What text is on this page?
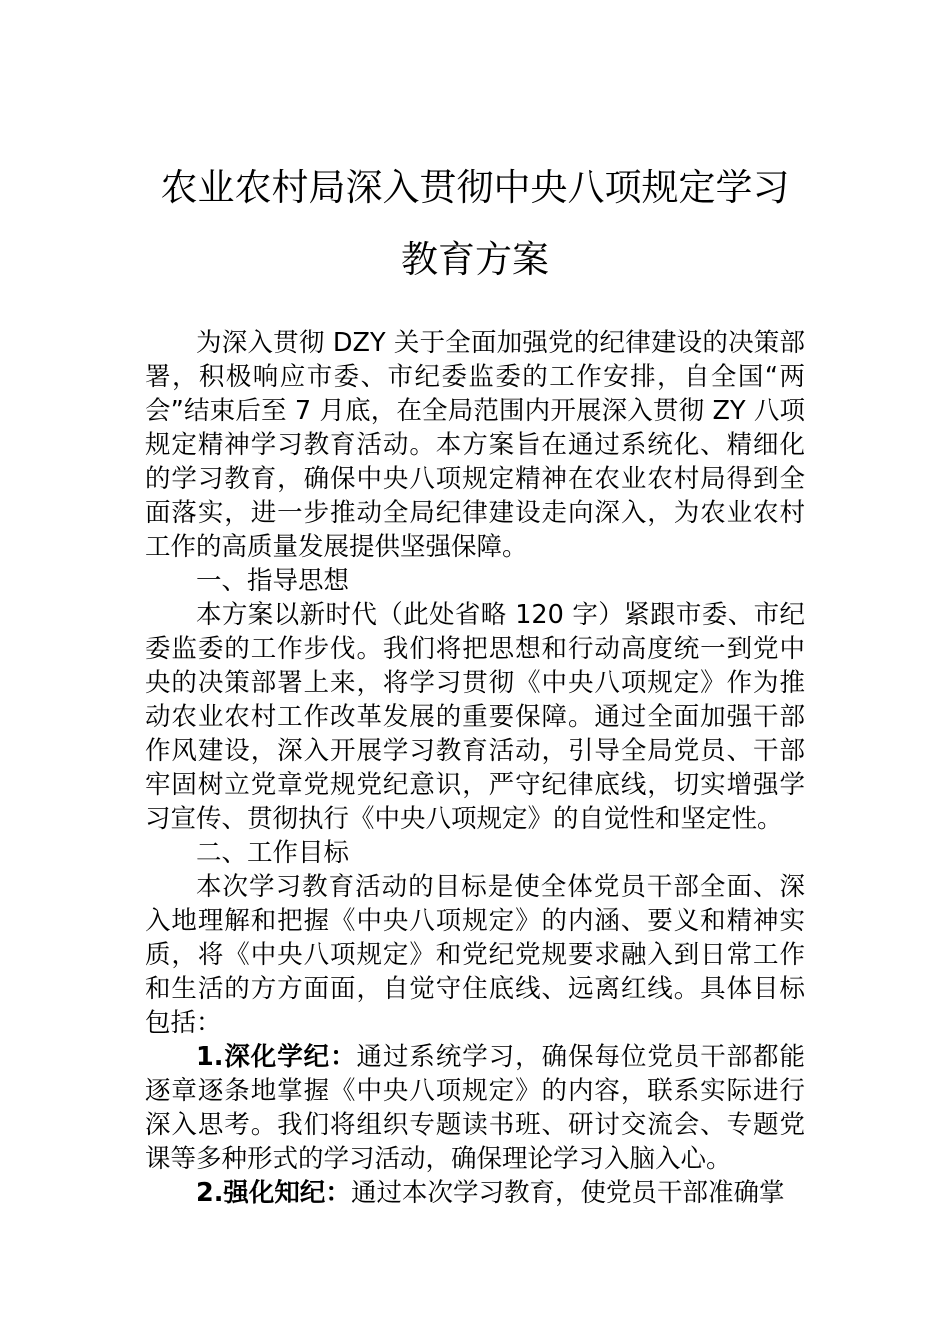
农业农村局深入贯彻中央八项规定学习教育方案

为深入贯彻 DZY 关于全面加强党的纪律建设的决策部署，积极响应市委、市纪委监委的工作安排，自全国“两会”结束后至 7 月底，在全局范围内开展深入贯彻 ZY 八项规定精神学习教育活动。本方案旨在通过系统化、精细化的学习教育，确保中央八项规定精神在农业农村局得到全面落实，进一步推动全局纪律建设走向深入，为农业农村工作的高质量发展提供坚强保障。

一、指导思想

本方案以新时代（此处省略 120 字）紧跟市委、市纪委监委的工作步伐。我们将把思想和行动高度统一到党中央的决策部署上来，将学习贯彻《中央八项规定》作为推动农业农村工作改革发展的重要保障。通过全面加强干部作风建设，深入开展学习教育活动，引导全局党员、干部牢固树立党章党规党纪意识，严守纪律底线，切实增强学习宣传、贯彻执行《中央八项规定》的自觉性和坚定性。

二、工作目标

本次学习教育活动的目标是使全体党员干部全面、深入地理解和把握《中央八项规定》的内涵、要义和精神实质，将《中央八项规定》和党纪党规要求融入到日常工作和生活的方方面面，自觉守住底线、远离红线。具体目标包括：

1.深化学纪：通过系统学习，确保每位党员干部都能逐章逐条地掌握《中央八项规定》的内容，联系实际进行深入思考。我们将组织专题读书班、研讨交流会、专题党课等多种形式的学习活动，确保理论学习入脑入心。

2.强化知纪：通过本次学习教育，使党员干部准确掌
